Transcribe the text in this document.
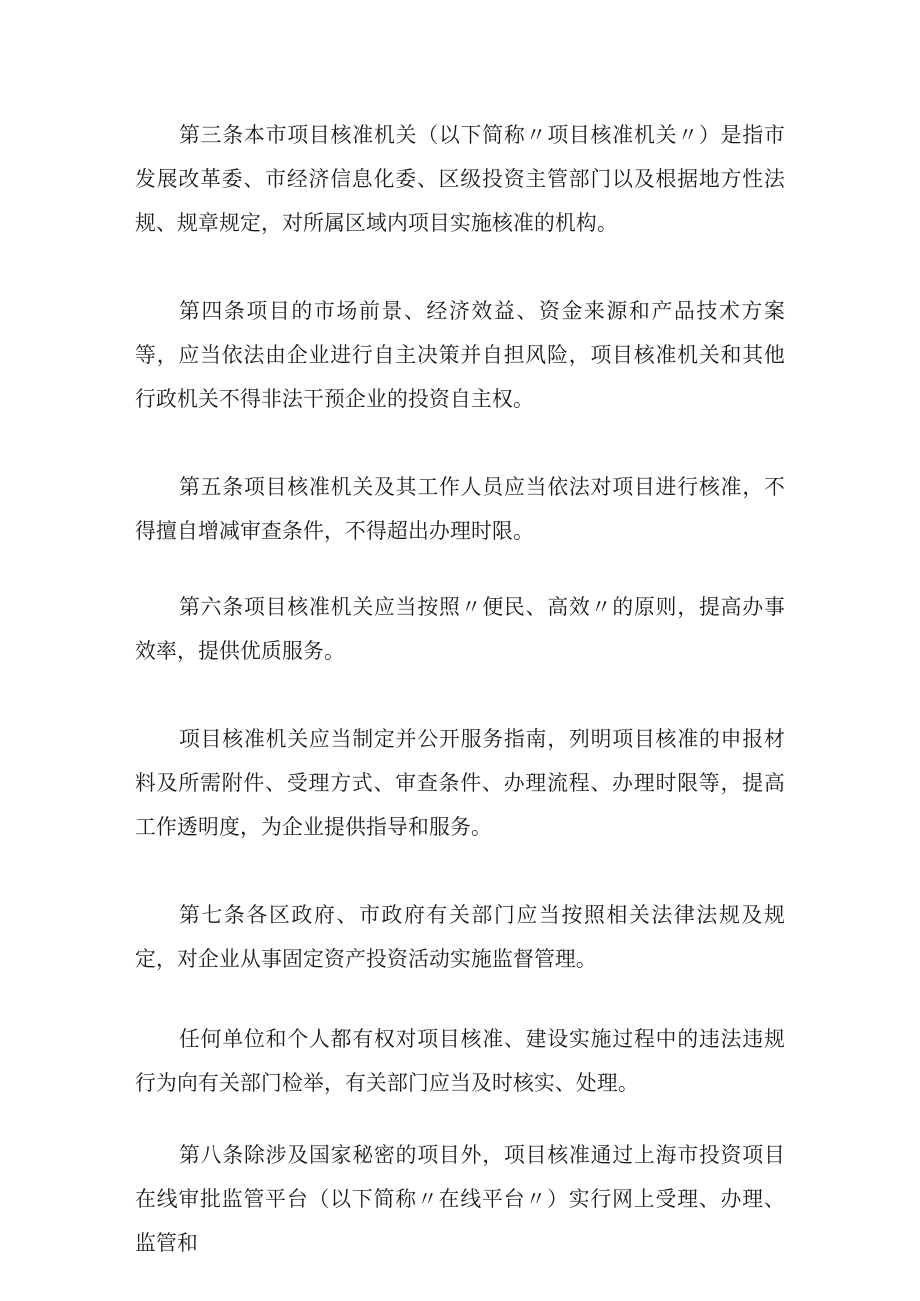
第三条本市项目核准机关（以下简称〃项目核准机关〃）是指市发展改革委、市经济信息化委、区级投资主管部门以及根据地方性法规、规章规定，对所属区域内项目实施核准的机构。

第四条项目的市场前景、经济效益、资金来源和产品技术方案等，应当依法由企业进行自主决策并自担风险，项目核准机关和其他行政机关不得非法干预企业的投资自主权。

第五条项目核准机关及其工作人员应当依法对项目进行核准，不得擅自增减审查条件，不得超出办理时限。

第六条项目核准机关应当按照〃便民、高效〃的原则，提高办事效率，提供优质服务。

项目核准机关应当制定并公开服务指南，列明项目核准的申报材料及所需附件、受理方式、审查条件、办理流程、办理时限等，提高工作透明度，为企业提供指导和服务。

第七条各区政府、市政府有关部门应当按照相关法律法规及规定，对企业从事固定资产投资活动实施监督管理。

任何单位和个人都有权对项目核准、建设实施过程中的违法违规行为向有关部门检举，有关部门应当及时核实、处理。

第八条除涉及国家秘密的项目外，项目核准通过上海市投资项目在线审批监管平台（以下简称〃在线平台〃）实行网上受理、办理、监管和
